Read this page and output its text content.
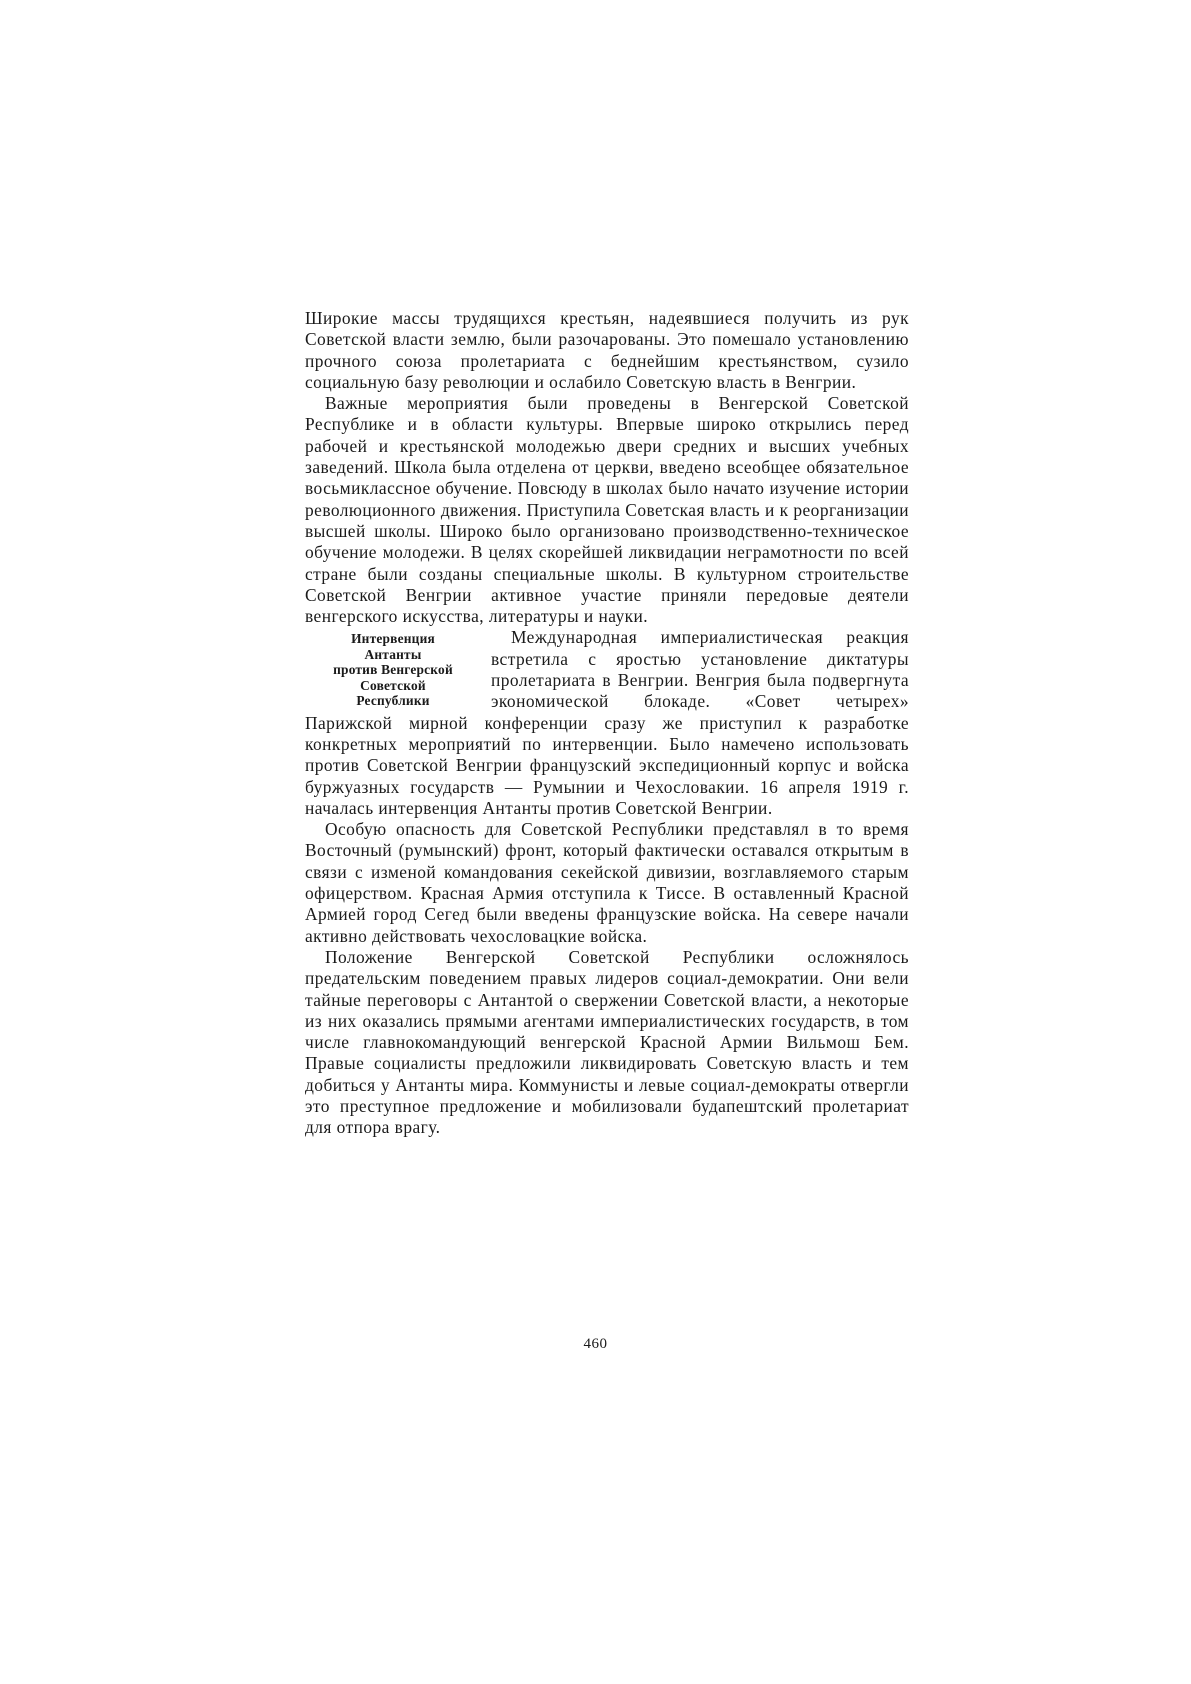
Широкие массы трудящихся крестьян, надеявшиеся получить из рук Советской власти землю, были разочарованы. Это помешало установлению прочного союза пролетариата с беднейшим крестьянством, сузило социальную базу революции и ослабило Советскую власть в Венгрии.

Важные мероприятия были проведены в Венгерской Советской Республике и в области культуры. Впервые широко открылись перед рабочей и крестьянской молодежью двери средних и высших учебных заведений. Школа была отделена от церкви, введено всеобщее обязательное восьмиклассное обучение. Повсюду в школах было начато изучение истории революционного движения. Приступила Советская власть и к реорганизации высшей школы. Широко было организовано производственно-техническое обучение молодежи. В целях скорейшей ликвидации неграмотности по всей стране были созданы специальные школы. В культурном строительстве Советской Венгрии активное участие приняли передовые деятели венгерского искусства, литературы и науки.

Интервенция
Антанты
против Венгерской
Советской
Республики

Международная империалистическая реакция встретила с яростью установление диктатуры пролетариата в Венгрии. Венгрия была подвергнута экономической блокаде. «Совет четырех» Парижской мирной конференции сразу же приступил к разработке конкретных мероприятий по интервенции. Было намечено использовать против Советской Венгрии французский экспедиционный корпус и войска буржуазных государств — Румынии и Чехословакии. 16 апреля 1919 г. началась интервенция Антанты против Советской Венгрии.

Особую опасность для Советской Республики представлял в то время Восточный (румынский) фронт, который фактически оставался открытым в связи с изменой командования секейской дивизии, возглавляемого старым офицерством. Красная Армия отступила к Тиссе. В оставленный Красной Армией город Сегед были введены французские войска. На севере начали активно действовать чехословацкие войска.

Положение Венгерской Советской Республики осложнялось предательским поведением правых лидеров социал-демократии. Они вели тайные переговоры с Антантой о свержении Советской власти, а некоторые из них оказались прямыми агентами империалистических государств, в том числе главнокомандующий венгерской Красной Армии Вильмош Бем. Правые социалисты предложили ликвидировать Советскую власть и тем добиться у Антанты мира. Коммунисты и левые социал-демократы отвергли это преступное предложение и мобилизовали будапештский пролетариат для отпора врагу.

460
